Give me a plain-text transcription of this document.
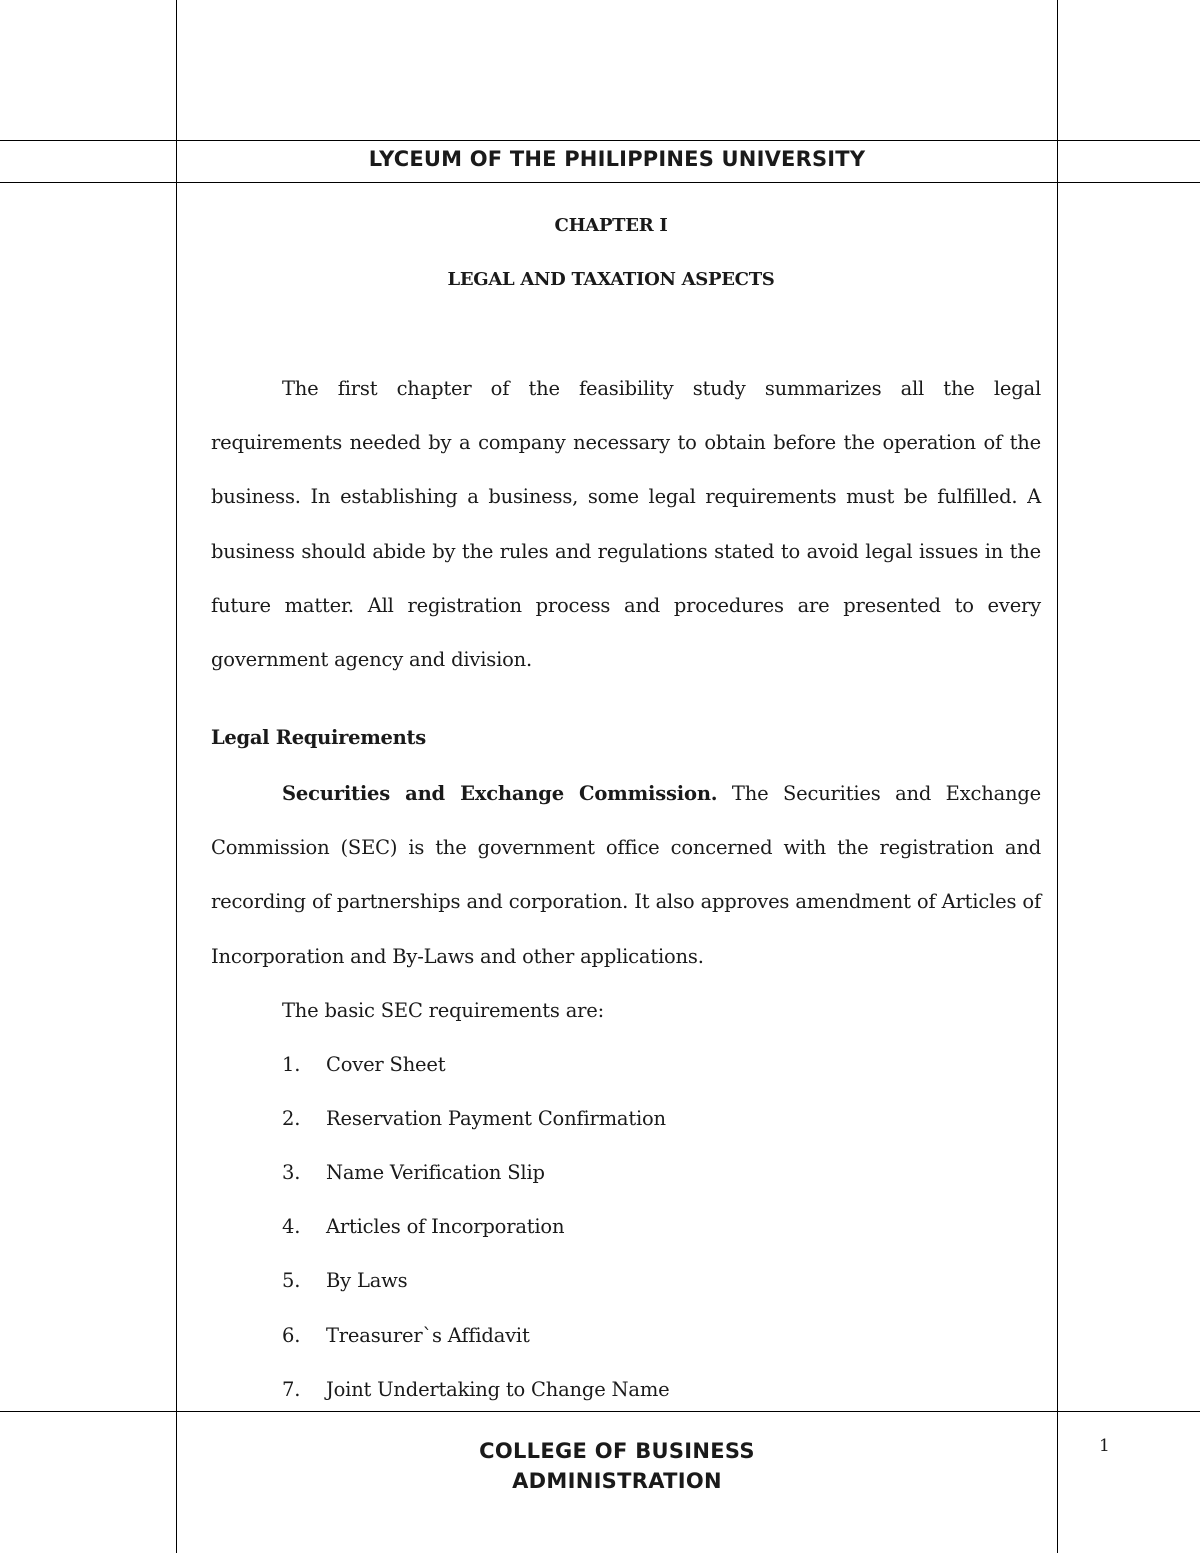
LYCEUM OF THE PHILIPPINES UNIVERSITY
CHAPTER I
LEGAL AND TAXATION ASPECTS

The first chapter of the feasibility study summarizes all the legal requirements needed by a company necessary to obtain before the operation of the business. In establishing a business, some legal requirements must be fulfilled. A business should abide by the rules and regulations stated to avoid legal issues in the future matter. All registration process and procedures are presented to every government agency and division.

Legal Requirements

Securities and Exchange Commission. The Securities and Exchange Commission (SEC) is the government office concerned with the registration and recording of partnerships and corporation. It also approves amendment of Articles of Incorporation and By-Laws and other applications.

The basic SEC requirements are:
1. Cover Sheet
2. Reservation Payment Confirmation
3. Name Verification Slip
4. Articles of Incorporation
5. By Laws
6. Treasurer`s Affidavit
7. Joint Undertaking to Change Name
COLLEGE OF BUSINESS
ADMINISTRATION
1
